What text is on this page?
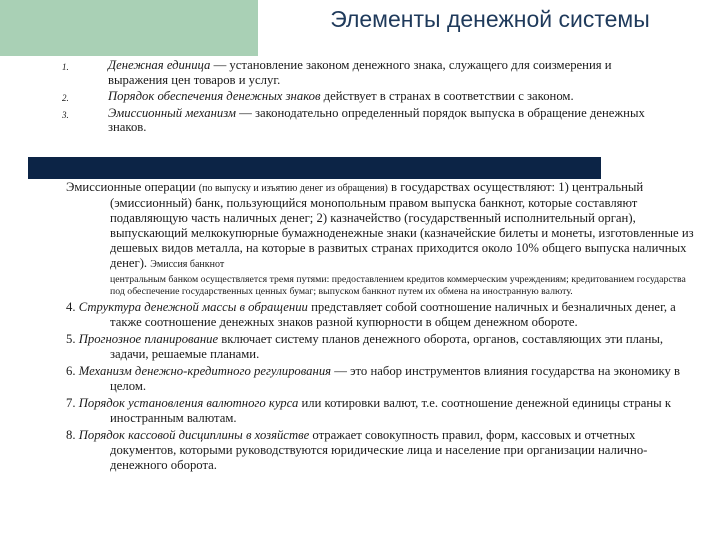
Элементы денежной системы
1.	Денежная единица — установление законом денежного знака, служащего для соизмерения и выражения цен товаров и услуг.
2.	Порядок обеспечения денежных знаков действует в странах в соответствии с законом.
3.	Эмиссионный механизм — законодательно определенный порядок выпуска в обращение денежных знаков.
Эмиссионные операции (по выпуску и изъятию денег из обращения) в государствах осуществляют: 1) центральный (эмиссионный) банк, пользующийся монопольным правом выпуска банкнот, которые составляют подавляющую часть наличных денег; 2) казначейство (государственный исполнительный орган), выпускающий мелкокупюрные бумажноденежные знаки (казначейские билеты и монеты, изготовленные из дешевых видов металла, на которые в развитых странах приходится около 10% общего выпуска наличных денег). Эмиссия банкнот
центральным банком осуществляется тремя путями: предоставлением кредитов коммерческим учреждениям; кредитованием государства под обеспечение государственных ценных бумаг; выпуском банкнот путем их обмена на иностранную валюту.
4. Структура денежной массы в обращении представляет собой соотношение наличных и безналичных денег, а также соотношение денежных знаков разной купюрности в общем денежном обороте.
5. Прогнозное планирование включает систему планов денежного оборота, органов, составляющих эти планы, задачи, решаемые планами.
6. Механизм денежно-кредитного регулирования — это набор инструментов влияния государства на экономику в целом.
7. Порядок установления валютного курса или котировки валют, т.е. соотношение денежной единицы страны к иностранным валютам.
8. Порядок кассовой дисциплины в хозяйстве отражает совокупность правил, форм, кассовых и отчетных документов, которыми руководствуются юридические лица и население при организации налично-денежного оборота.
